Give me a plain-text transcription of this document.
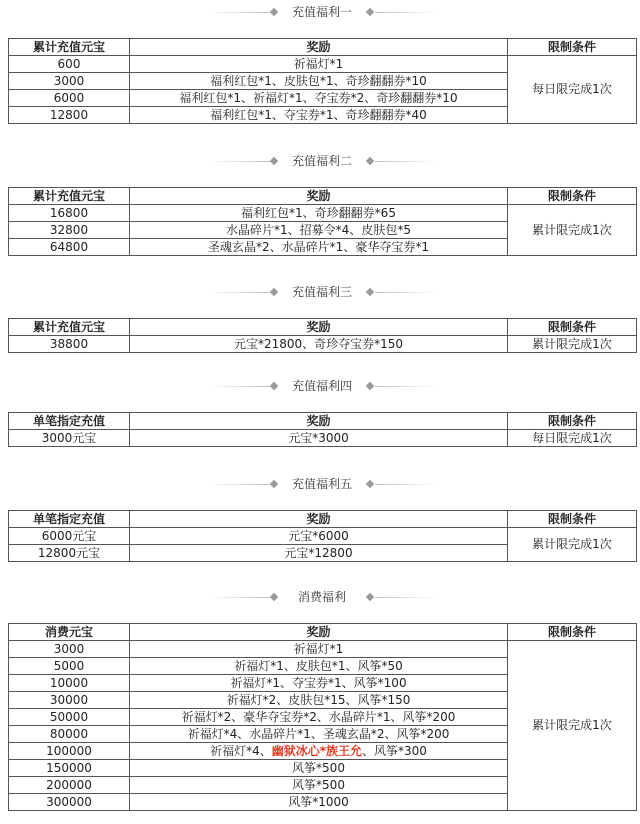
充值福利一
累计充值元宝	奖励	限制条件
600	祈福灯*1	每日限完成1次
3000	福利红包*1、皮肤包*1、奇珍翻翻券*10	
6000	福利红包*1、祈福灯*1、夺宝券*2、奇珍翻翻券*10	
12800	福利红包*1、夺宝券*1、奇珍翻翻券*40	
充值福利二
累计充值元宝	奖励	限制条件
16800	福利红包*1、奇珍翻翻券*65	累计限完成1次
32800	水晶碎片*1、招募令*4、皮肤包*5	
64800	圣魂玄晶*2、水晶碎片*1、豪华夺宝券*1	
充值福利三
累计充值元宝	奖励	限制条件
38800	元宝*21800、奇珍夺宝券*150	累计限完成1次
充值福利四
单笔指定充值	奖励	限制条件
3000元宝	元宝*3000	每日限完成1次
充值福利五
单笔指定充值	奖励	限制条件
6000元宝	元宝*6000	累计限完成1次
12800元宝	元宝*12800	
消费福利
消费元宝	奖励	限制条件
3000	祈福灯*1	累计限完成1次
5000	祈福灯*1、皮肤包*1、风筝*50	
10000	祈福灯*1、夺宝券*1、风筝*100	
30000	祈福灯*2、皮肤包*15、风筝*150	
50000	祈福灯*2、豪华夺宝券*2、水晶碎片*1、风筝*200	
80000	祈福灯*4、水晶碎片*1、圣魂玄晶*2、风筝*200	
100000	祈福灯*4、幽狱冰心*族王允、风筝*300	
150000	风筝*500	
200000	风筝*500	
300000	风筝*1000	
